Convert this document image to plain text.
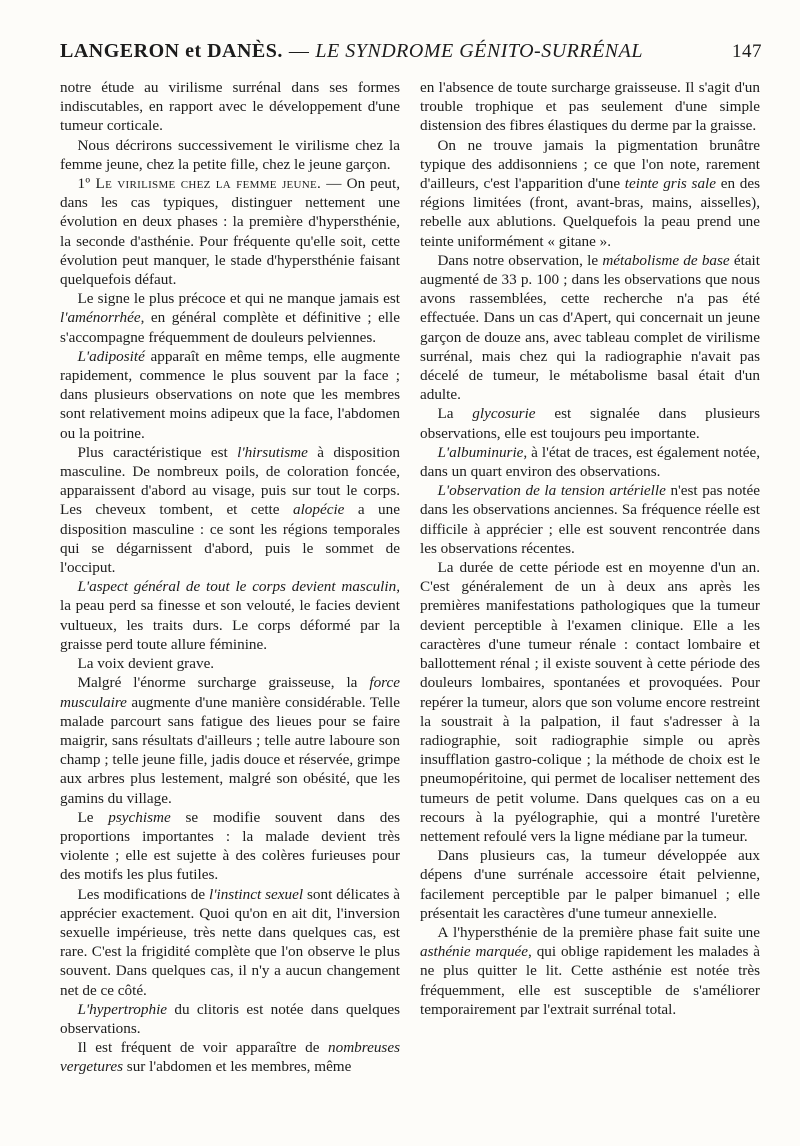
LANGERON et DANÈS. — LE SYNDROME GÉNITO-SURRÉNAL	147

notre étude au virilisme surrénal dans ses formes indiscutables, en rapport avec le développement d'une tumeur corticale.

Nous décrirons successivement le virilisme chez la femme jeune, chez la petite fille, chez le jeune garçon.

1º Le virilisme chez la femme jeune. — On peut, dans les cas typiques, distinguer nettement une évolution en deux phases : la première d'hypersthénie, la seconde d'asthénie. Pour fréquente qu'elle soit, cette évolution peut manquer, le stade d'hypersthénie faisant quelquefois défaut.

Le signe le plus précoce et qui ne manque jamais est l'aménorrhée, en général complète et définitive ; elle s'accompagne fréquemment de douleurs pelviennes.

L'adiposité apparaît en même temps, elle augmente rapidement, commence le plus souvent par la face ; dans plusieurs observations on note que les membres sont relativement moins adipeux que la face, l'abdomen ou la poitrine.

Plus caractéristique est l'hirsutisme à disposition masculine. De nombreux poils, de coloration foncée, apparaissent d'abord au visage, puis sur tout le corps. Les cheveux tombent, et cette alopécie a une disposition masculine : ce sont les régions temporales qui se dégarnissent d'abord, puis le sommet de l'occiput.

L'aspect général de tout le corps devient masculin, la peau perd sa finesse et son velouté, le facies devient vultueux, les traits durs. Le corps déformé par la graisse perd toute allure féminine.

La voix devient grave.

Malgré l'énorme surcharge graisseuse, la force musculaire augmente d'une manière considérable. Telle malade parcourt sans fatigue des lieues pour se faire maigrir, sans résultats d'ailleurs ; telle autre laboure son champ ; telle jeune fille, jadis douce et réservée, grimpe aux arbres plus lestement, malgré son obésité, que les gamins du village.

Le psychisme se modifie souvent dans des proportions importantes : la malade devient très violente ; elle est sujette à des colères furieuses pour des motifs les plus futiles.

Les modifications de l'instinct sexuel sont délicates à apprécier exactement. Quoi qu'on en ait dit, l'inversion sexuelle impérieuse, très nette dans quelques cas, est rare. C'est la frigidité complète que l'on observe le plus souvent. Dans quelques cas, il n'y a aucun changement net de ce côté.

L'hypertrophie du clitoris est notée dans quelques observations.

Il est fréquent de voir apparaître de nombreuses vergetures sur l'abdomen et les membres, même

en l'absence de toute surcharge graisseuse. Il s'agit d'un trouble trophique et pas seulement d'une simple distension des fibres élastiques du derme par la graisse.

On ne trouve jamais la pigmentation brunâtre typique des addisonniens ; ce que l'on note, rarement d'ailleurs, c'est l'apparition d'une teinte gris sale en des régions limitées (front, avant-bras, mains, aisselles), rebelle aux ablutions. Quelquefois la peau prend une teinte uniformément « gitane ».

Dans notre observation, le métabolisme de base était augmenté de 33 p. 100 ; dans les observations que nous avons rassemblées, cette recherche n'a pas été effectuée. Dans un cas d'Apert, qui concernait un jeune garçon de douze ans, avec tableau complet de virilisme surrénal, mais chez qui la radiographie n'avait pas décelé de tumeur, le métabolisme basal était d'un adulte.

La glycosurie est signalée dans plusieurs observations, elle est toujours peu importante.

L'albuminurie, à l'état de traces, est également notée, dans un quart environ des observations.

L'observation de la tension artérielle n'est pas notée dans les observations anciennes. Sa fréquence réelle est difficile à apprécier ; elle est souvent rencontrée dans les observations récentes.

La durée de cette période est en moyenne d'un an. C'est généralement de un à deux ans après les premières manifestations pathologiques que la tumeur devient perceptible à l'examen clinique. Elle a les caractères d'une tumeur rénale : contact lombaire et ballottement rénal ; il existe souvent à cette période des douleurs lombaires, spontanées et provoquées. Pour repérer la tumeur, alors que son volume encore restreint la soustrait à la palpation, il faut s'adresser à la radiographie, soit radiographie simple ou après insufflation gastro-colique ; la méthode de choix est le pneumopéritoine, qui permet de localiser nettement des tumeurs de petit volume. Dans quelques cas on a eu recours à la pyélographie, qui a montré l'uretère nettement refoulé vers la ligne médiane par la tumeur.

Dans plusieurs cas, la tumeur développée aux dépens d'une surrénale accessoire était pelvienne, facilement perceptible par le palper bimanuel ; elle présentait les caractères d'une tumeur annexielle.

A l'hypersthénie de la première phase fait suite une asthénie marquée, qui oblige rapidement les malades à ne plus quitter le lit. Cette asthénie est notée très fréquemment, elle est susceptible de s'améliorer temporairement par l'extrait surrénal total.
